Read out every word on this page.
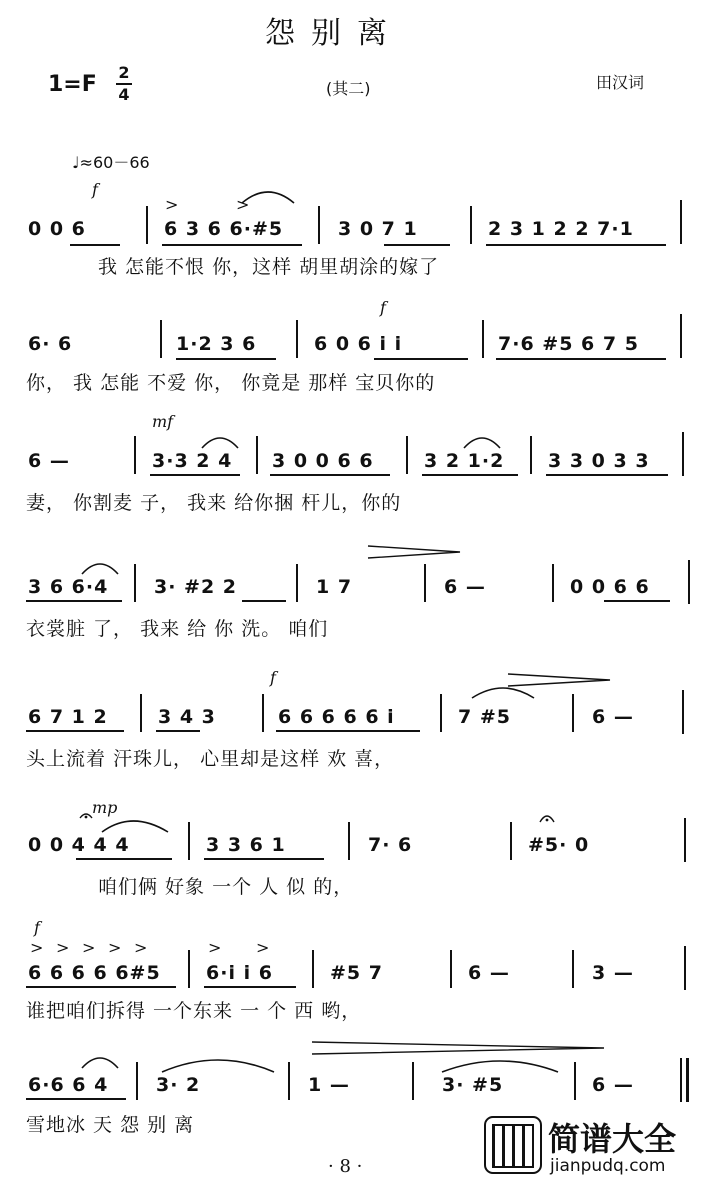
怨别离
1=F 2
4	(其二)	田汉词
♩≈60－66
f
>	>
0 0 6	6 3 6 6·#5	3 0 7 1	2 3 1 2 2 7·1
我 怎能不恨 你，这样 胡里胡涂的嫁了
f
6· 6	1·2 3 6	6 0 6 i i	7·6 #5 6 7 5
你， 我 怎能 不爱 你， 你竟是 那样 宝贝你的
mf
6 —	3·3 2 4 3 0 0 6 6	3 2 1·2 3 3 0 3 3
妻， 你割麦 子， 我来 给你捆 杆儿，你的
3 6 6·4 3· #2 2	1 7	6 —	0 0 6 6
衣裳脏 了， 我来 给 你 洗。 咱们
f
6 7 1 2	3 4 3	6 6 6 6 6 i	7 #5	6 —
头上流着 汗珠儿， 心里却是这样 欢 喜，
mp
0 0 4 4 4	3 3 6 1	7· 6	#5· 0
咱们俩 好象 一个 人 似 的，
f
> > > > >	> >
6 6 6 6 6#5 6·i i 6	#5 7	6 —	3 —
谁把咱们拆得 一个东来 一 个 西 哟，
6·6 6 4	3· 2	1 —	3· #5	6 —
雪地冰 天 怨 别 离
· 8 ·
简谱大全
jianpudq.com
